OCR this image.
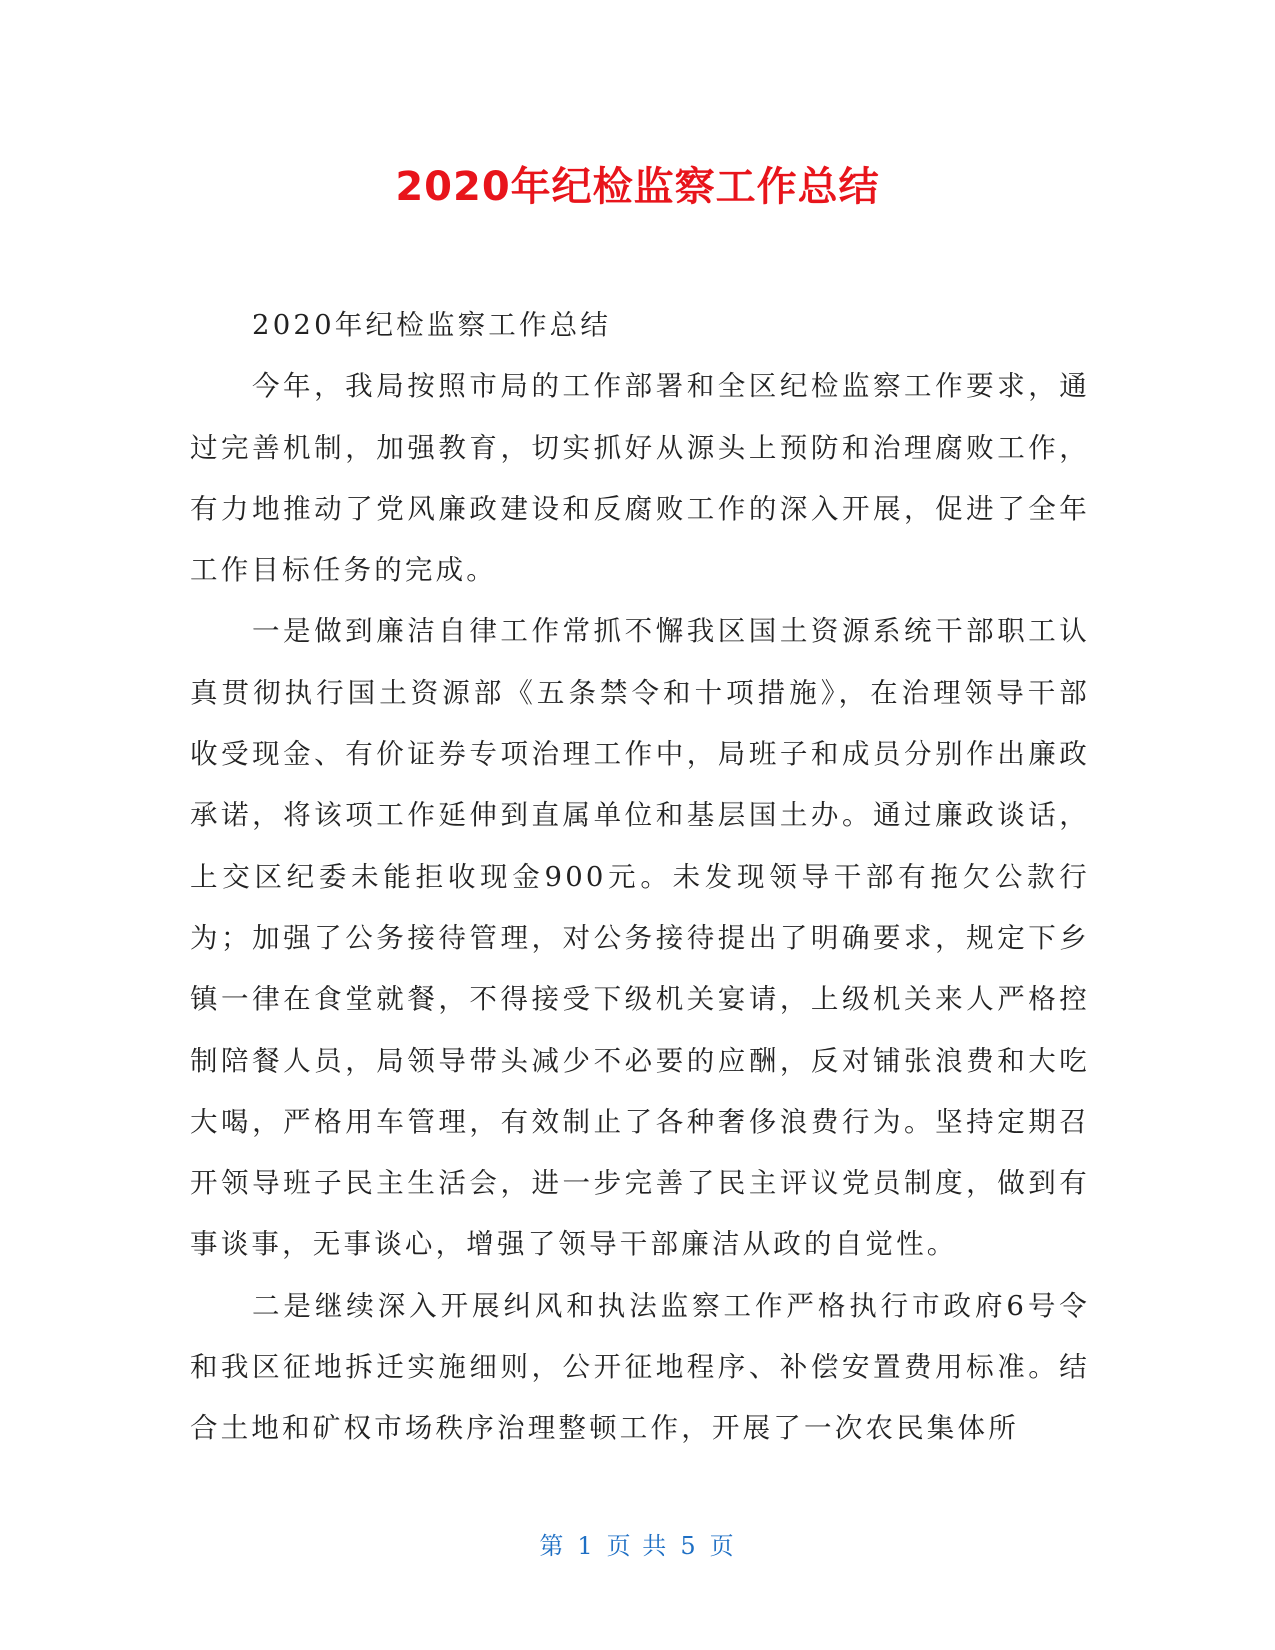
2020年纪检监察工作总结

2020年纪检监察工作总结

今年，我局按照市局的工作部署和全区纪检监察工作要求，通过完善机制，加强教育，切实抓好从源头上预防和治理腐败工作，有力地推动了党风廉政建设和反腐败工作的深入开展，促进了全年工作目标任务的完成。

一是做到廉洁自律工作常抓不懈我区国土资源系统干部职工认真贯彻执行国土资源部《五条禁令和十项措施》，在治理领导干部收受现金、有价证券专项治理工作中，局班子和成员分别作出廉政承诺，将该项工作延伸到直属单位和基层国土办。通过廉政谈话，上交区纪委未能拒收现金900元。未发现领导干部有拖欠公款行为；加强了公务接待管理，对公务接待提出了明确要求，规定下乡镇一律在食堂就餐，不得接受下级机关宴请，上级机关来人严格控制陪餐人员，局领导带头减少不必要的应酬，反对铺张浪费和大吃大喝，严格用车管理，有效制止了各种奢侈浪费行为。坚持定期召开领导班子民主生活会，进一步完善了民主评议党员制度，做到有事谈事，无事谈心，增强了领导干部廉洁从政的自觉性。

二是继续深入开展纠风和执法监察工作严格执行市政府6号令和我区征地拆迁实施细则，公开征地程序、补偿安置费用标准。结合土地和矿权市场秩序治理整顿工作，开展了一次农民集体所

第 1 页 共 5 页
